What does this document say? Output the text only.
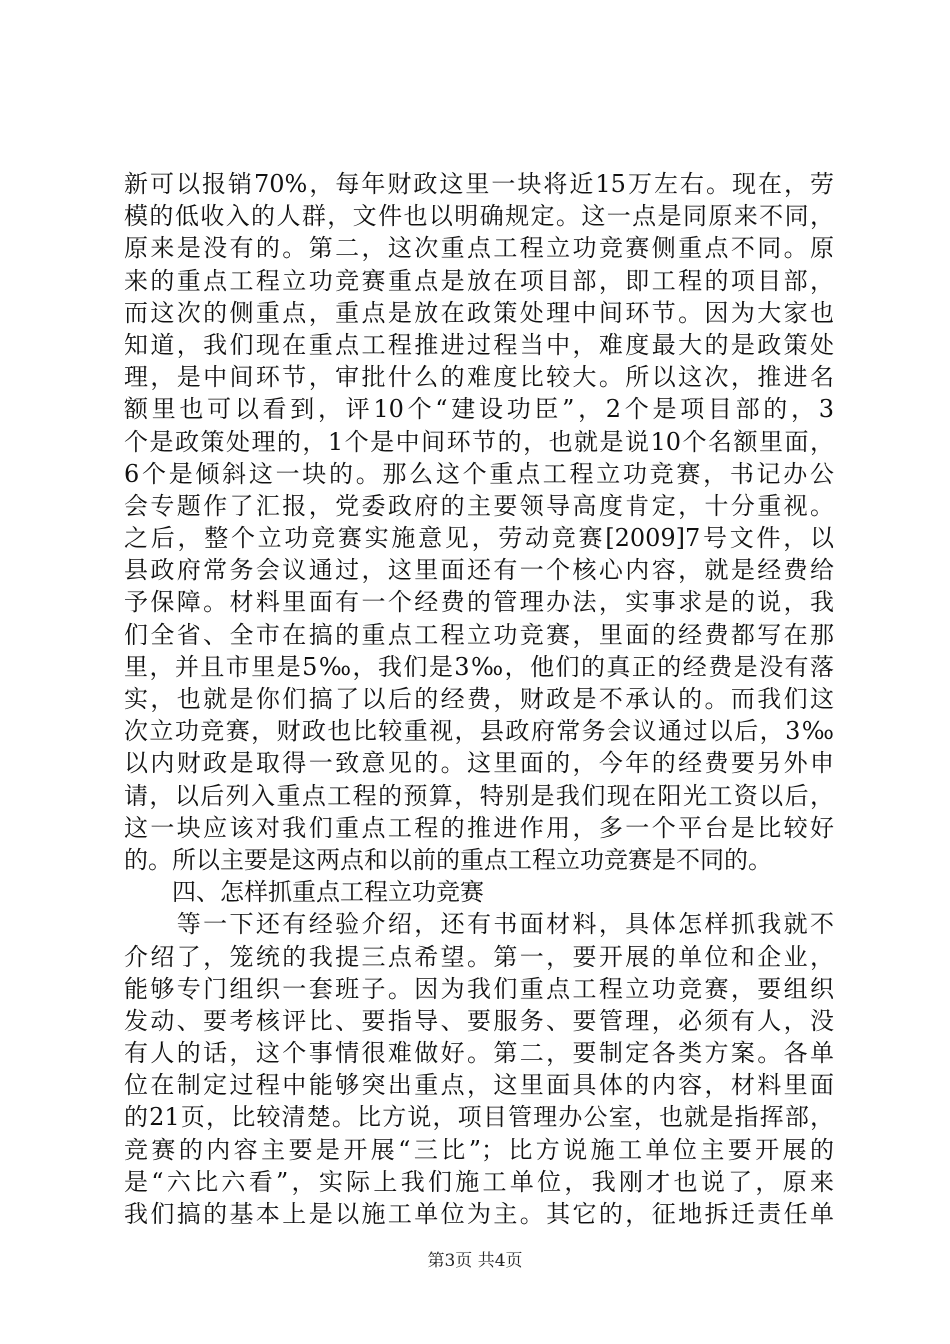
新可以报销70%，每年财政这里一块将近15万左右。现在，劳
模的低收入的人群，文件也以明确规定。这一点是同原来不同，
原来是没有的。第二，这次重点工程立功竞赛侧重点不同。原
来的重点工程立功竞赛重点是放在项目部，即工程的项目部，
而这次的侧重点，重点是放在政策处理中间环节。因为大家也
知道，我们现在重点工程推进过程当中，难度最大的是政策处
理，是中间环节，审批什么的难度比较大。所以这次，推进名
额里也可以看到，评10个“建设功臣”，2个是项目部的，3
个是政策处理的，1个是中间环节的，也就是说10个名额里面，
6个是倾斜这一块的。那么这个重点工程立功竞赛，书记办公
会专题作了汇报，党委政府的主要领导高度肯定，十分重视。
之后，整个立功竞赛实施意见，劳动竞赛[2009]7号文件，以
县政府常务会议通过，这里面还有一个核心内容，就是经费给
予保障。材料里面有一个经费的管理办法，实事求是的说，我
们全省、全市在搞的重点工程立功竞赛，里面的经费都写在那
里，并且市里是5‰，我们是3‰，他们的真正的经费是没有落
实，也就是你们搞了以后的经费，财政是不承认的。而我们这
次立功竞赛，财政也比较重视，县政府常务会议通过以后，3‰
以内财政是取得一致意见的。这里面的，今年的经费要另外申
请，以后列入重点工程的预算，特别是我们现在阳光工资以后，
这一块应该对我们重点工程的推进作用，多一个平台是比较好
的。所以主要是这两点和以前的重点工程立功竞赛是不同的。
　　四、怎样抓重点工程立功竞赛
　　等一下还有经验介绍，还有书面材料，具体怎样抓我就不
介绍了，笼统的我提三点希望。第一，要开展的单位和企业，
能够专门组织一套班子。因为我们重点工程立功竞赛，要组织
发动、要考核评比、要指导、要服务、要管理，必须有人，没
有人的话，这个事情很难做好。第二，要制定各类方案。各单
位在制定过程中能够突出重点，这里面具体的内容，材料里面
的21页，比较清楚。比方说，项目管理办公室，也就是指挥部，
竞赛的内容主要是开展“三比”；比方说施工单位主要开展的
是“六比六看”，实际上我们施工单位，我刚才也说了，原来
我们搞的基本上是以施工单位为主。其它的，征地拆迁责任单
第3页 共4页
